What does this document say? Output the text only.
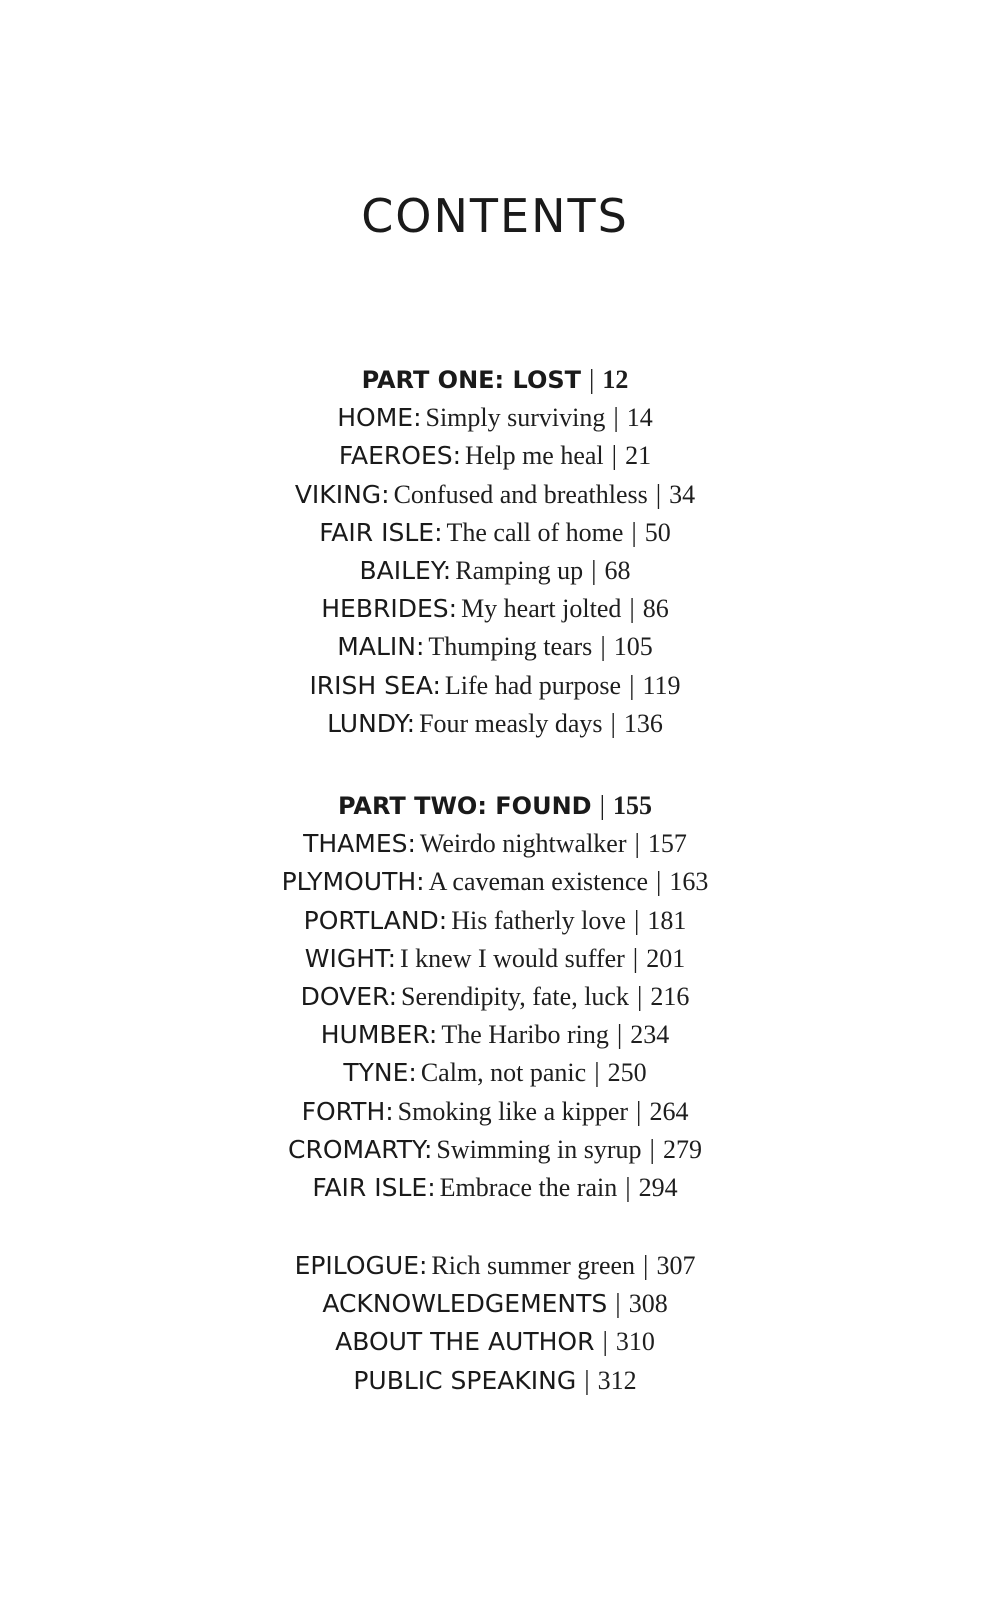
CONTENTS
PART ONE: LOST | 12
HOME: Simply surviving | 14
FAEROES: Help me heal | 21
VIKING: Confused and breathless | 34
FAIR ISLE: The call of home | 50
BAILEY: Ramping up | 68
HEBRIDES: My heart jolted | 86
MALIN: Thumping tears | 105
IRISH SEA: Life had purpose | 119
LUNDY: Four measly days | 136
PART TWO: FOUND | 155
THAMES: Weirdo nightwalker | 157
PLYMOUTH: A caveman existence | 163
PORTLAND: His fatherly love | 181
WIGHT: I knew I would suffer | 201
DOVER: Serendipity, fate, luck | 216
HUMBER: The Haribo ring | 234
TYNE: Calm, not panic | 250
FORTH: Smoking like a kipper | 264
CROMARTY: Swimming in syrup | 279
FAIR ISLE: Embrace the rain | 294
EPILOGUE: Rich summer green | 307
ACKNOWLEDGEMENTS | 308
ABOUT THE AUTHOR | 310
PUBLIC SPEAKING | 312
